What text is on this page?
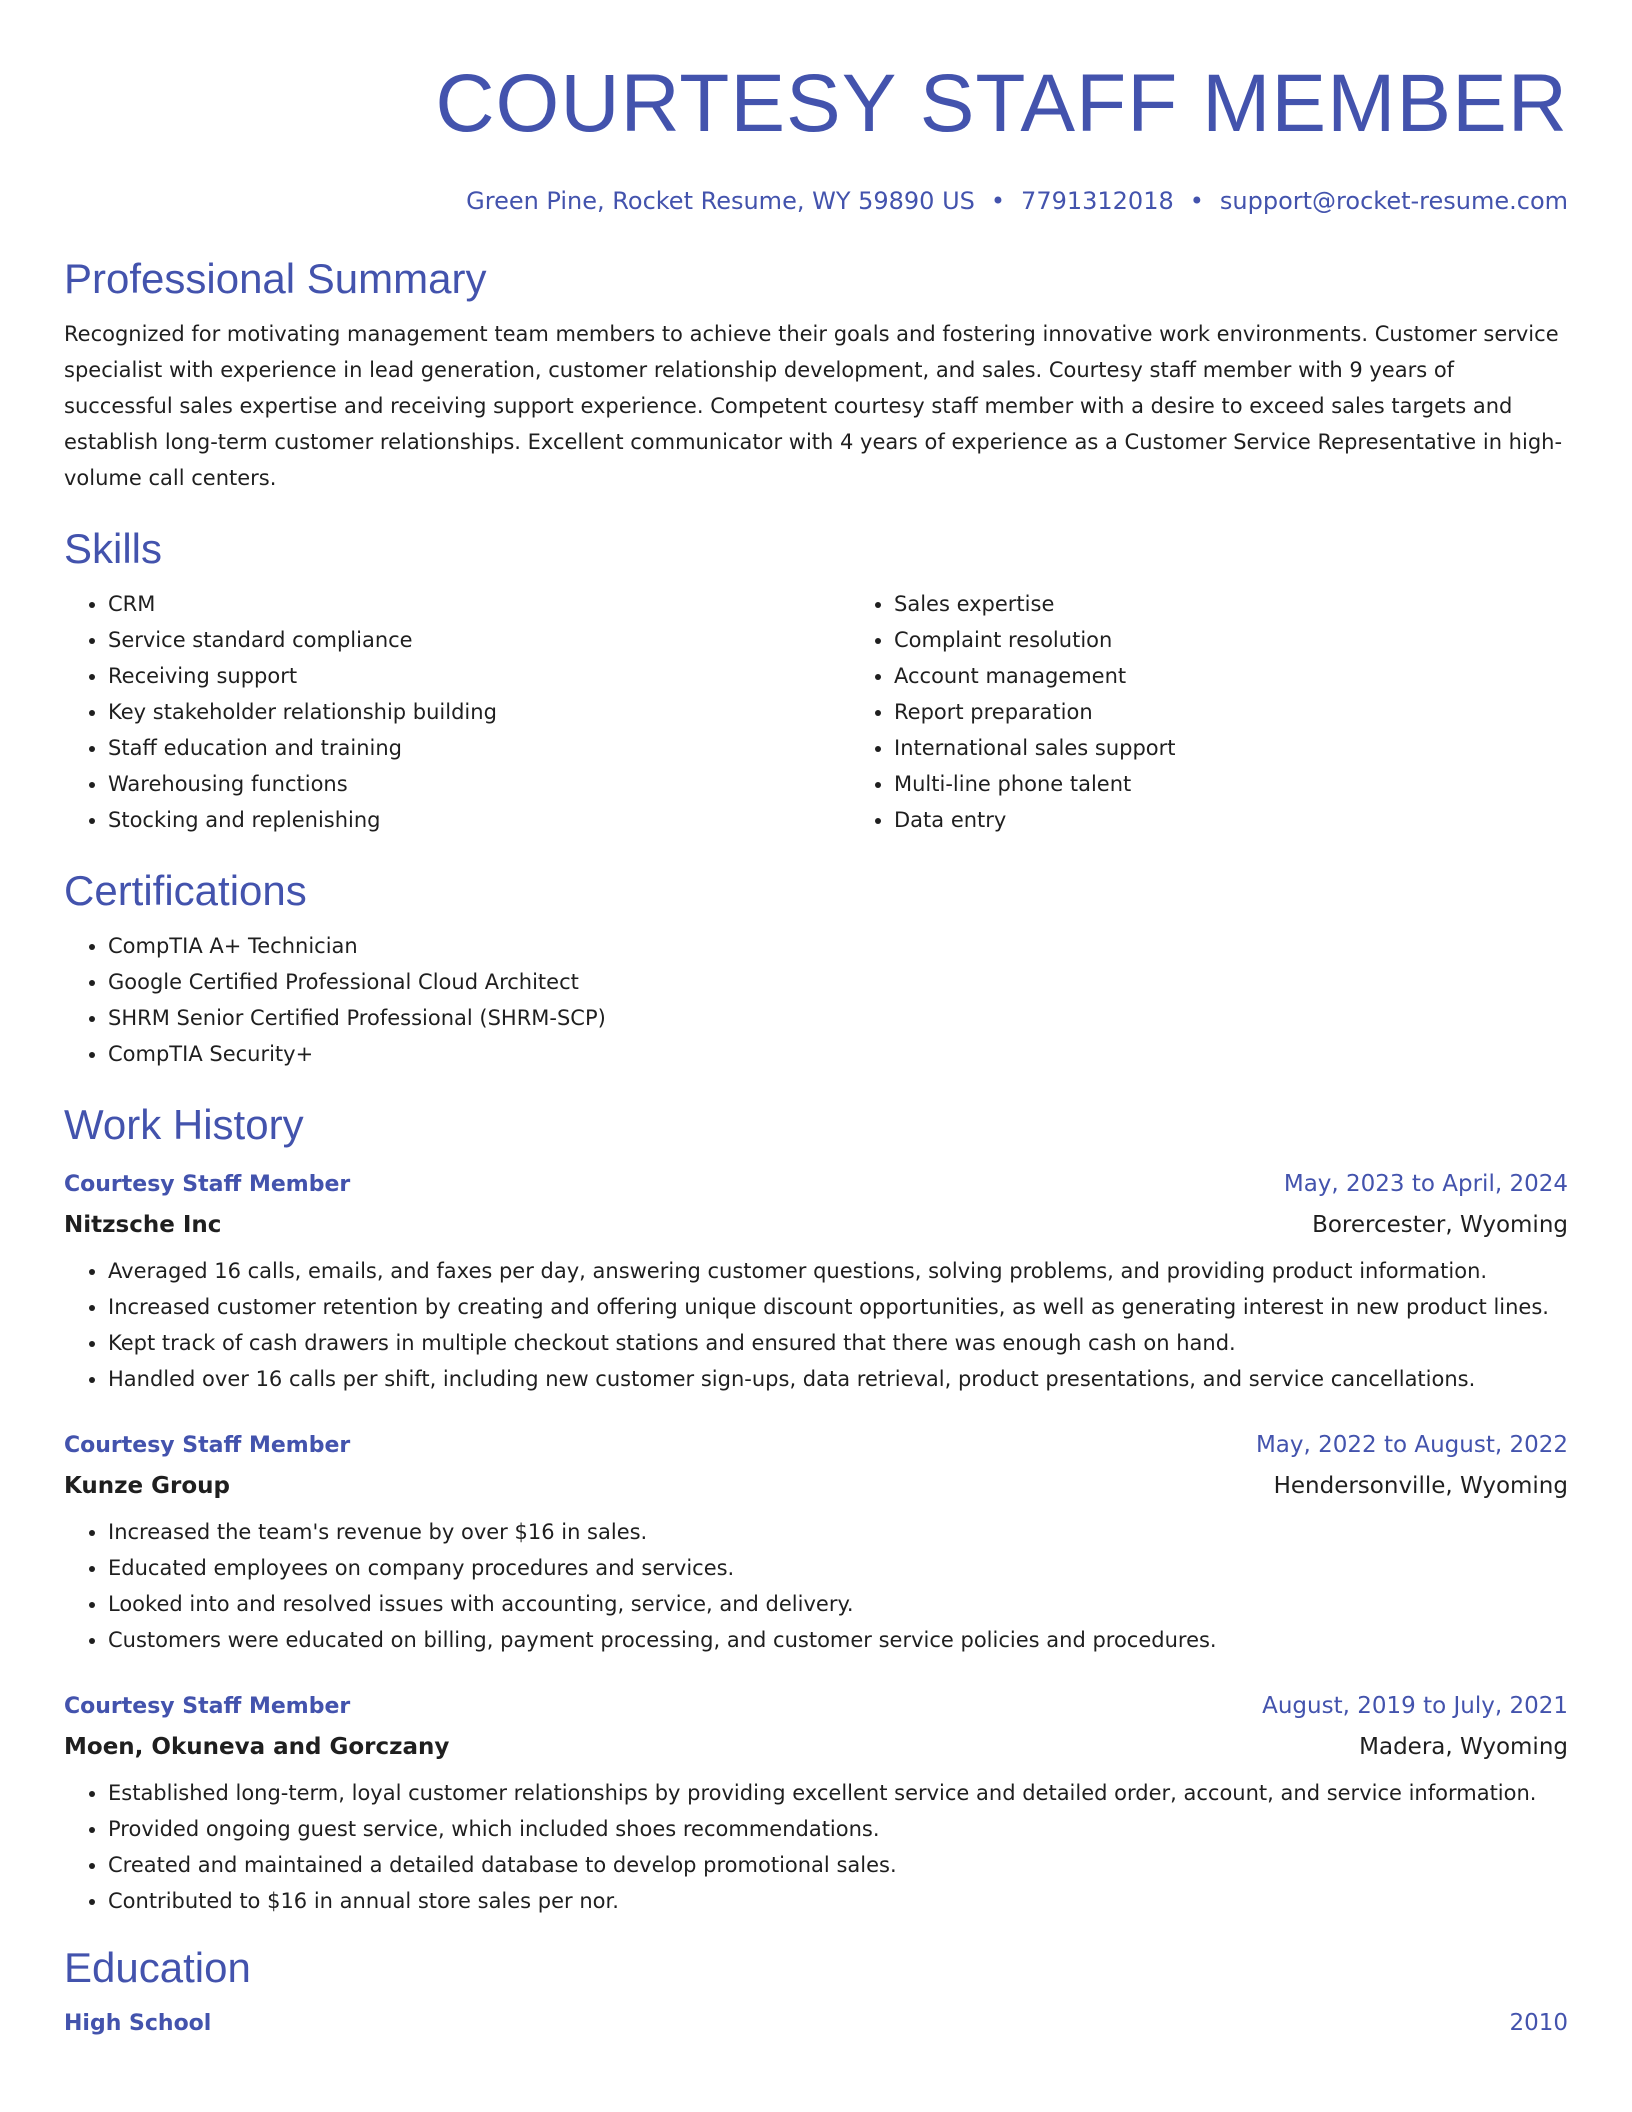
COURTESY STAFF MEMBER
Green Pine, Rocket Resume, WY 59890 US • 7791312018 • support@rocket-resume.com
Professional Summary

Recognized for motivating management team members to achieve their goals and fostering innovative work environments. Customer service specialist with experience in lead generation, customer relationship development, and sales. Courtesy staff member with 9 years of successful sales expertise and receiving support experience. Competent courtesy staff member with a desire to exceed sales targets and establish long-term customer relationships. Excellent communicator with 4 years of experience as a Customer Service Representative in high-volume call centers.

Skills
• CRM
• Service standard compliance
• Receiving support
• Key stakeholder relationship building
• Staff education and training
• Warehousing functions
• Stocking and replenishing
• Sales expertise
• Complaint resolution
• Account management
• Report preparation
• International sales support
• Multi-line phone talent
• Data entry
Certifications
• CompTIA A+ Technician
• Google Certified Professional Cloud Architect
• SHRM Senior Certified Professional (SHRM-SCP)
• CompTIA Security+
Work History
Courtesy Staff Member	May, 2023 to April, 2024
Nitzsche Inc	Borercester, Wyoming
• Averaged 16 calls, emails, and faxes per day, answering customer questions, solving problems, and providing product information.
• Increased customer retention by creating and offering unique discount opportunities, as well as generating interest in new product lines.
• Kept track of cash drawers in multiple checkout stations and ensured that there was enough cash on hand.
• Handled over 16 calls per shift, including new customer sign-ups, data retrieval, product presentations, and service cancellations.
Courtesy Staff Member	May, 2022 to August, 2022
Kunze Group	Hendersonville, Wyoming
• Increased the team's revenue by over $16 in sales.
• Educated employees on company procedures and services.
• Looked into and resolved issues with accounting, service, and delivery.
• Customers were educated on billing, payment processing, and customer service policies and procedures.
Courtesy Staff Member	August, 2019 to July, 2021
Moen, Okuneva and Gorczany	Madera, Wyoming
• Established long-term, loyal customer relationships by providing excellent service and detailed order, account, and service information.
• Provided ongoing guest service, which included shoes recommendations.
• Created and maintained a detailed database to develop promotional sales.
• Contributed to $16 in annual store sales per nor.
Education
High School	2010
